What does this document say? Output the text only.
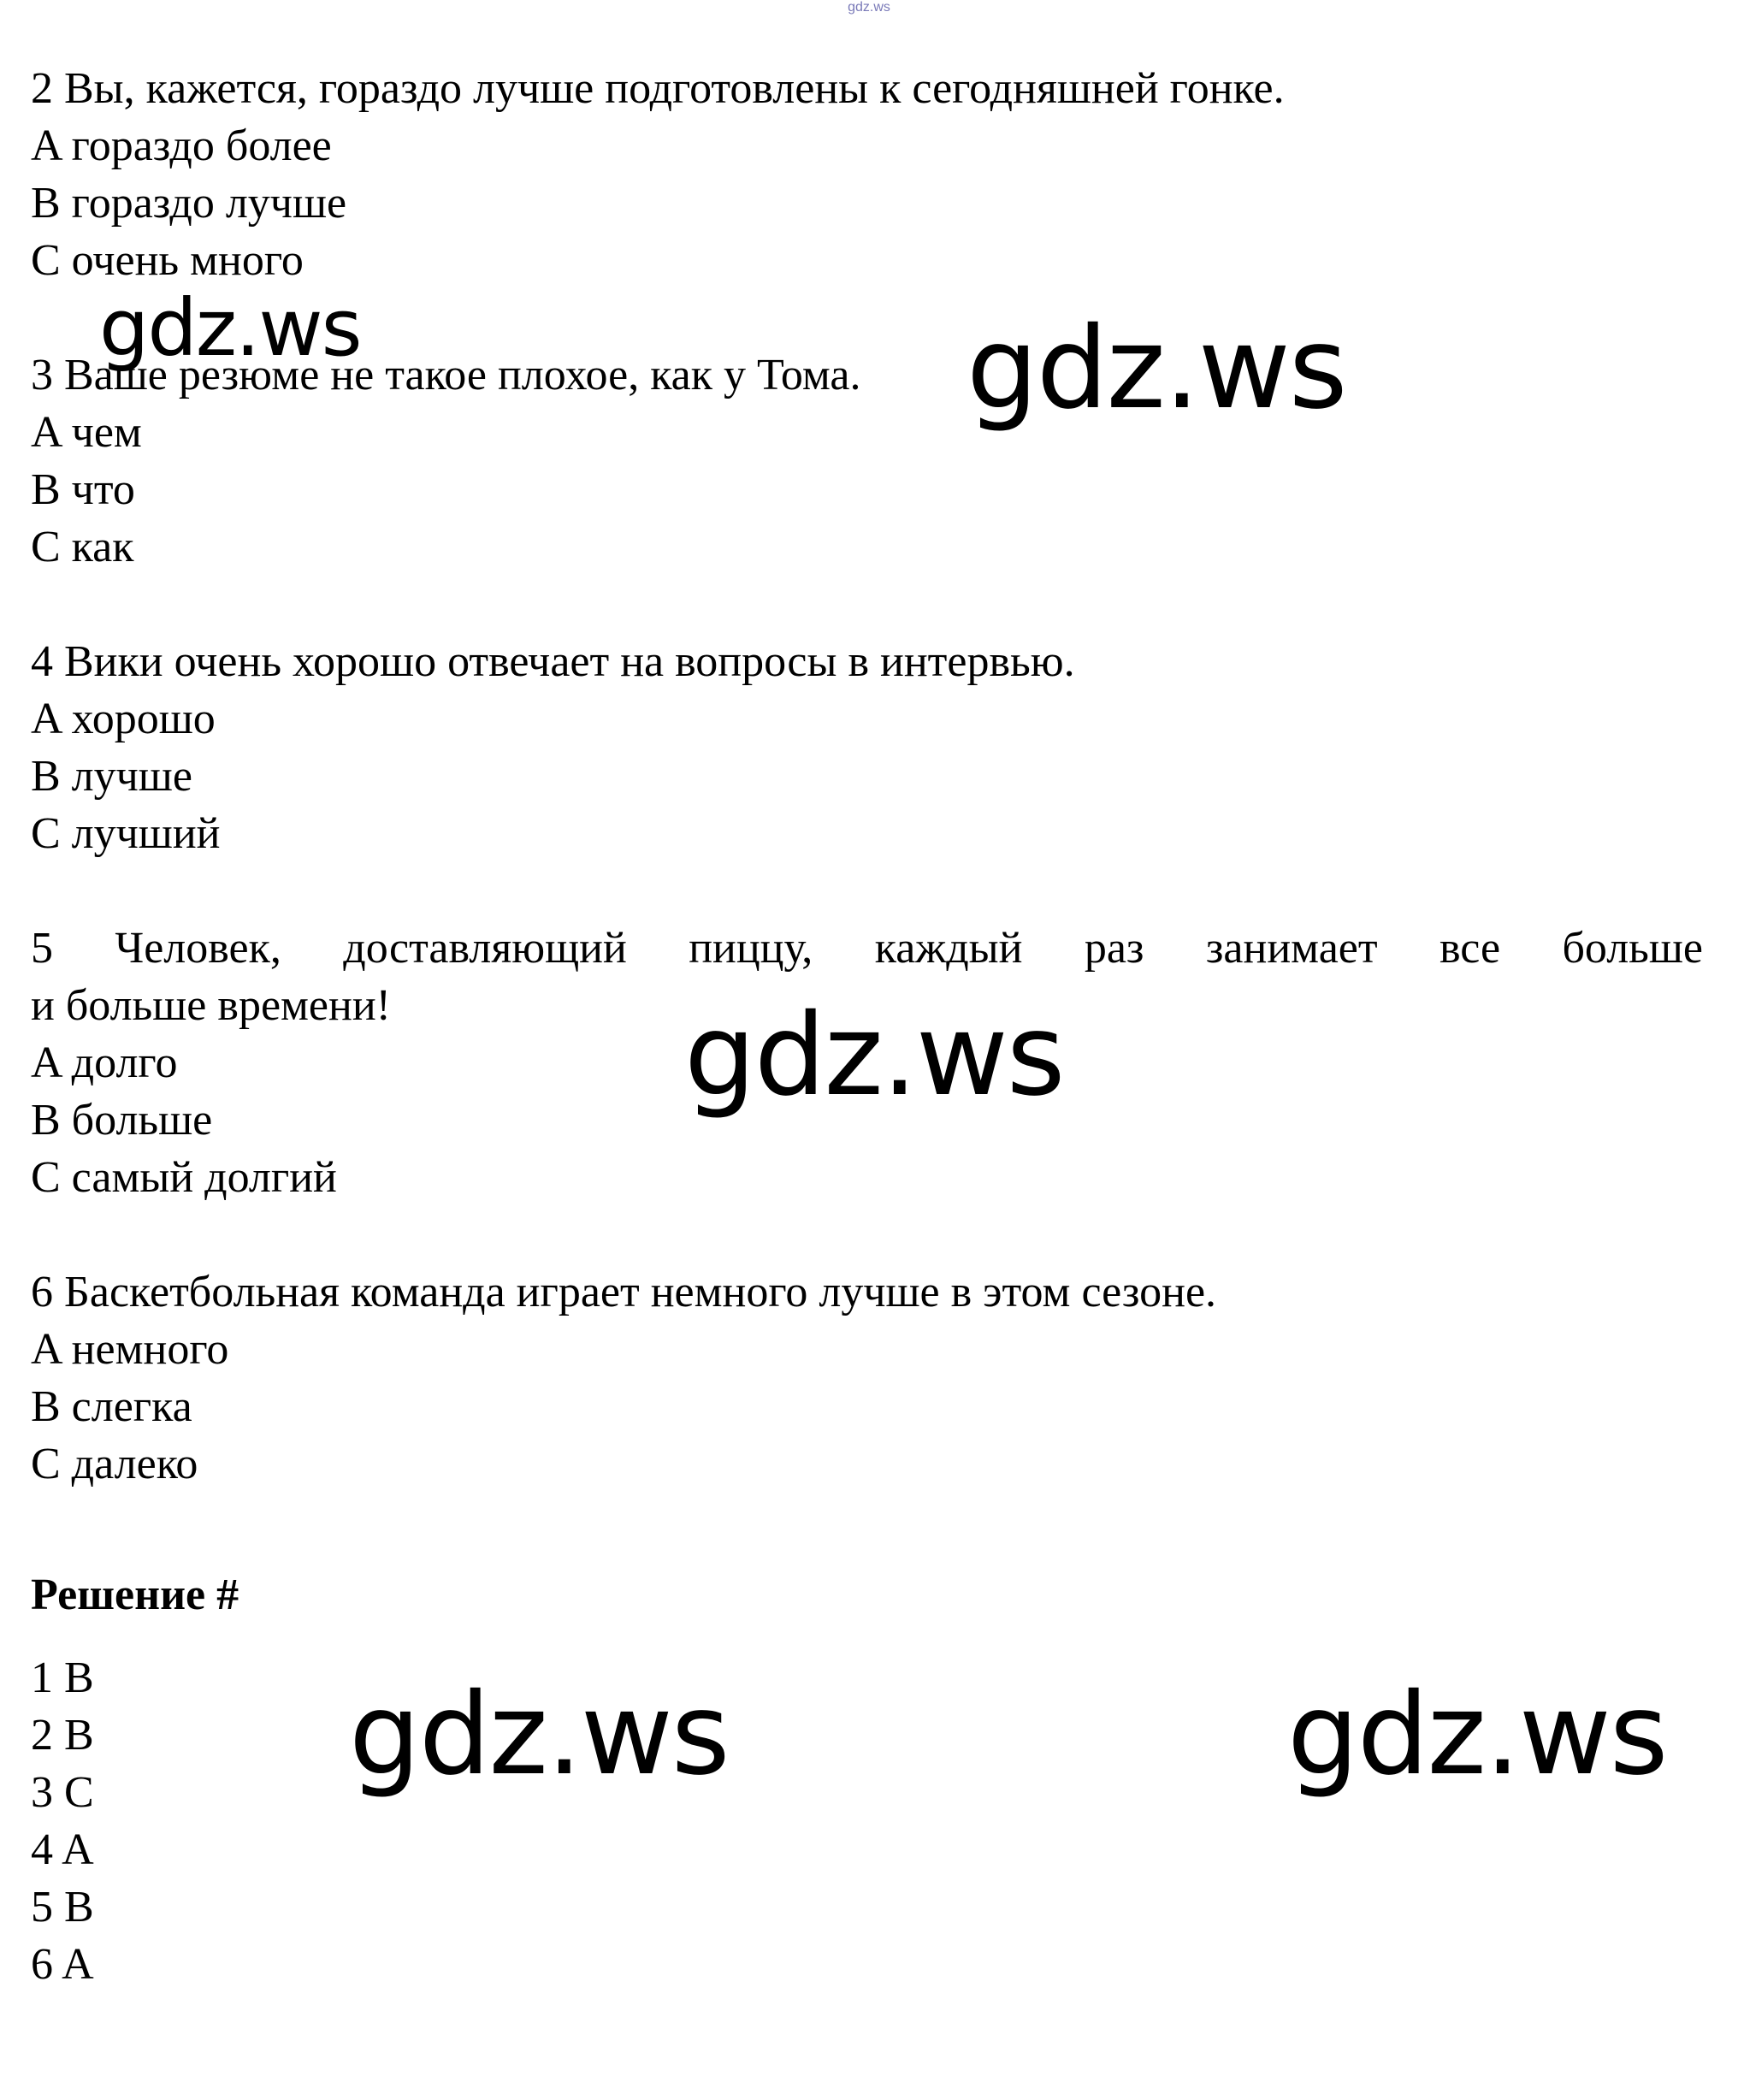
gdz.ws
2 Вы, кажется, гораздо лучше подготовлены к сегодняшней гонке.
A гораздо более
B гораздо лучше
C очень много
3 Ваше резюме не такое плохое, как у Тома.
A чем
B что
C как
4 Вики очень хорошо отвечает на вопросы в интервью.
A хорошо
B лучше
C лучший
5 Человек, доставляющий пиццу, каждый раз занимает все больше
и больше времени!
A долго
B больше
C самый долгий
6 Баскетбольная команда играет немного лучше в этом сезоне.
A немного
B слегка
C далеко
Решение #
1 B
2 B
3 C
4 A
5 B
6 A
gdz.ws	gdz.ws
gdz.ws
gdz.ws	gdz.ws
